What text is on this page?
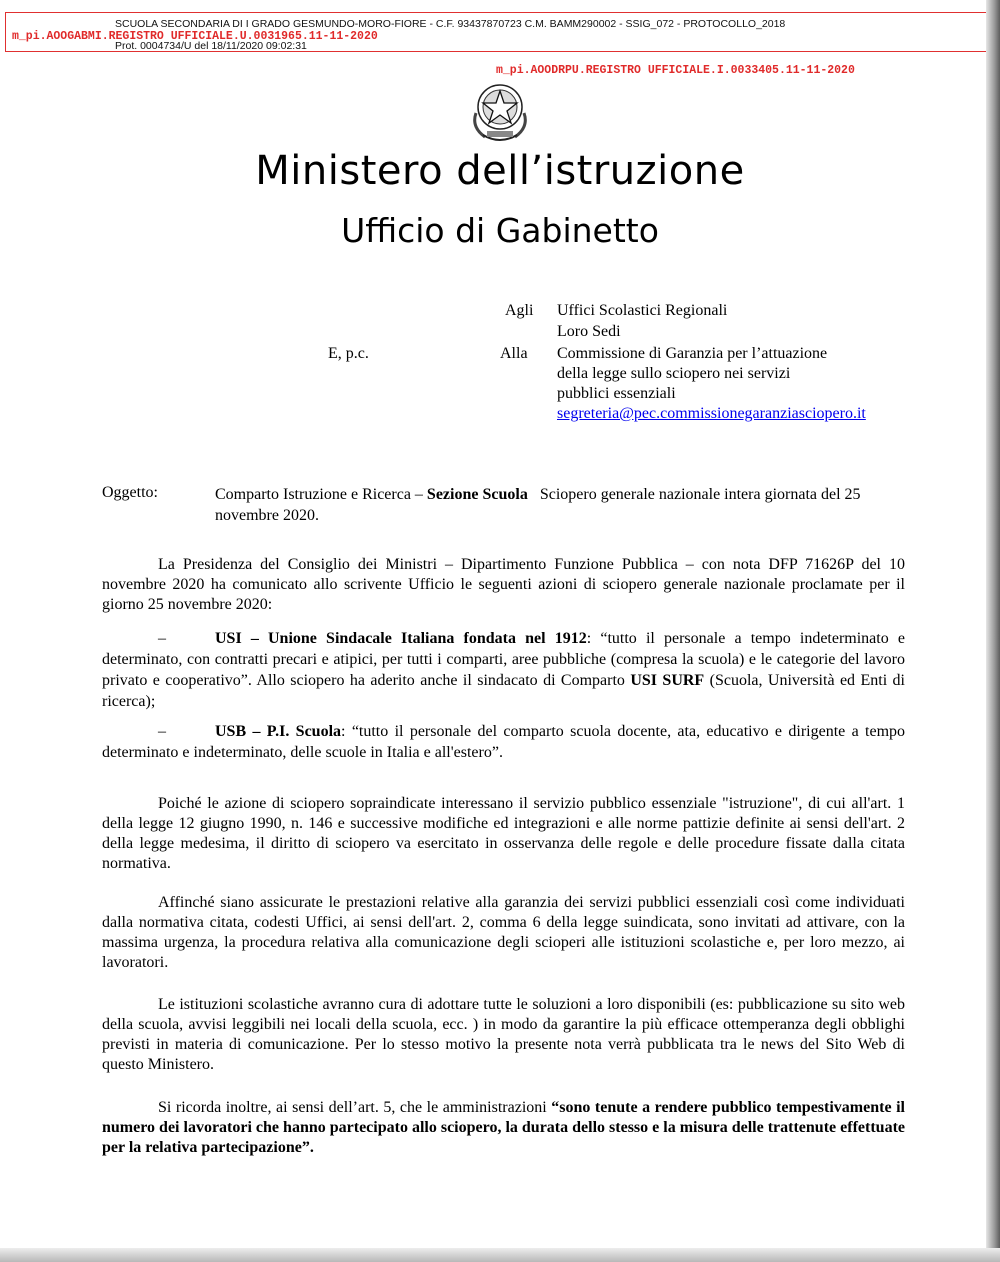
SCUOLA SECONDARIA DI I GRADO GESMUNDO-MORO-FIORE - C.F. 93437870723 C.M. BAMM290002 - SSIG_072 - PROTOCOLLO_2018
Prot. 0004734/U del 18/11/2020 09:02:31
m_pi.AOOGABMI.REGISTRO UFFICIALE.U.0031965.11-11-2020
m_pi.AOODRPU.REGISTRO UFFICIALE.I.0033405.11-11-2020
Ministero dell’istruzione
Ufficio di Gabinetto
Agli Uffici Scolastici Regionali
Loro Sedi
E, p.c.	Alla Commissione di Garanzia per l’attuazione
della legge sullo sciopero nei servizi
pubblici essenziali
segreteria@pec.commissionegaranziasciopero.it
Oggetto:	Comparto Istruzione e Ricerca – Sezione Scuola   Sciopero generale nazionale intera giornata del 25 novembre 2020.
La Presidenza del Consiglio dei Ministri – Dipartimento Funzione Pubblica – con nota DFP 71626P del 10 novembre 2020 ha comunicato allo scrivente Ufficio le seguenti azioni di sciopero generale nazionale proclamate per il giorno 25 novembre 2020:
–	USI – Unione Sindacale Italiana fondata nel 1912: “tutto il personale a tempo indeterminato e determinato, con contratti precari e atipici, per tutti i comparti, aree pubbliche (compresa la scuola) e le categorie del lavoro privato e cooperativo”. Allo sciopero ha aderito anche il sindacato di Comparto USI SURF (Scuola, Università ed Enti di ricerca);
–	USB – P.I. Scuola: “tutto il personale del comparto scuola docente, ata, educativo e dirigente a tempo determinato e indeterminato, delle scuole in Italia e all'estero”.
Poiché le azione di sciopero sopraindicate interessano il servizio pubblico essenziale "istruzione", di cui all'art. 1 della legge 12 giugno 1990, n. 146 e successive modifiche ed integrazioni e alle norme pattizie definite ai sensi dell'art. 2 della legge medesima, il diritto di sciopero va esercitato in osservanza delle regole e delle procedure fissate dalla citata normativa.
Affinché siano assicurate le prestazioni relative alla garanzia dei servizi pubblici essenziali così come individuati dalla normativa citata, codesti Uffici, ai sensi dell'art. 2, comma 6 della legge suindicata, sono invitati ad attivare, con la massima urgenza, la procedura relativa alla comunicazione degli scioperi alle istituzioni scolastiche e, per loro mezzo, ai lavoratori.
Le istituzioni scolastiche avranno cura di adottare tutte le soluzioni a loro disponibili (es: pubblicazione su sito web della scuola, avvisi leggibili nei locali della scuola, ecc. ) in modo da garantire la più efficace ottemperanza degli obblighi previsti in materia di comunicazione. Per lo stesso motivo la presente nota verrà pubblicata tra le news del Sito Web di questo Ministero.
Si ricorda inoltre, ai sensi dell’art. 5, che le amministrazioni “sono tenute a rendere pubblico tempestivamente il numero dei lavoratori che hanno partecipato allo sciopero, la durata dello stesso e la misura delle trattenute effettuate per la relativa partecipazione”.
